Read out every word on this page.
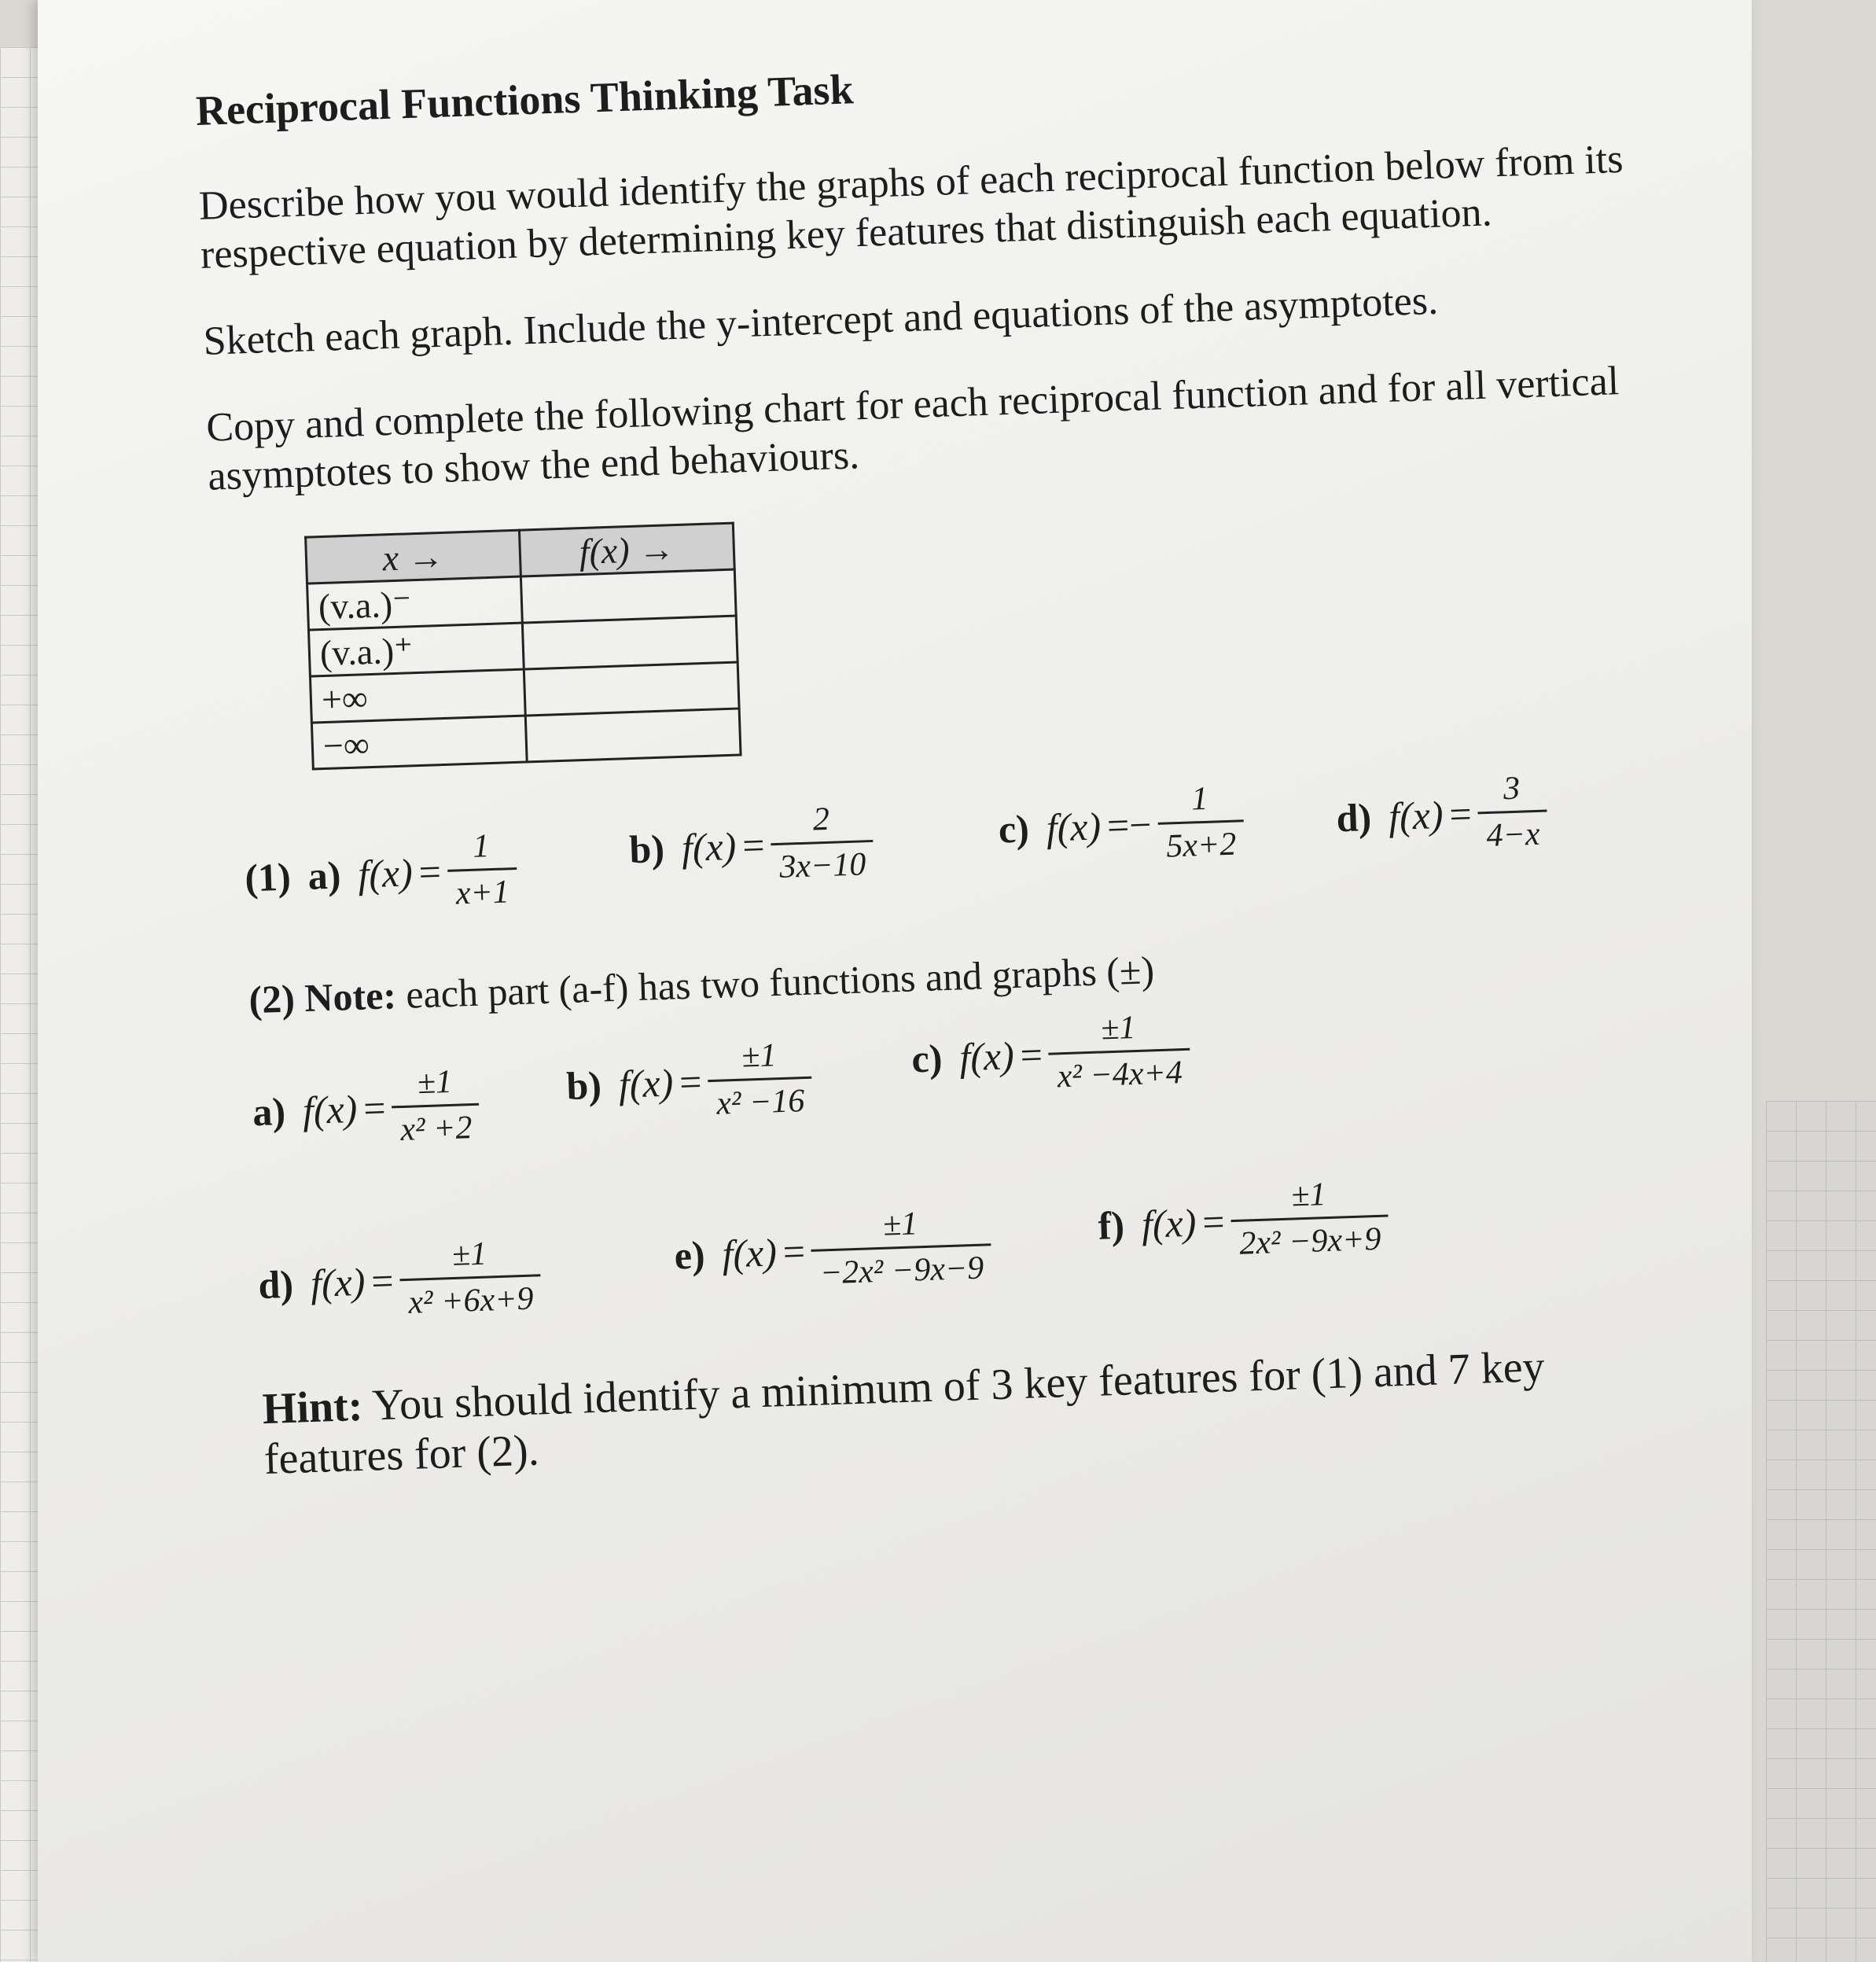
Reciprocal Functions Thinking Task

Describe how you would identify the graphs of each reciprocal function below from its respective equation by determining key features that distinguish each equation.

Sketch each graph. Include the y-intercept and equations of the asymptotes.

Copy and complete the following chart for each reciprocal function and for all vertical asymptotes to show the end behaviours.

x →	f(x) →
(v.a.)⁻	
(v.a.)⁺	
+∞	
−∞	
(1) a) $f(x) = \frac{1}{x+1}$	b) $f(x) = \frac{2}{3x-10}$	c) $f(x) =- \frac{1}{5x+2} d$) $f(x) = \frac{3}{4-x}$
(2) Note: each part (a-f) has two functions and graphs (±)
a) $f(x) = \frac{\pm 1}{\text{x² +2}} b$) $f(x) = \frac{\pm 1}{\text{x² −16}} c$) $f(x) = \frac{\pm 1}{\text{x² −4x+4}}$
d) $f(x) = \frac{\pm 1}{\text{x² +6x+9}}$	e) $f(x) = \frac{\pm 1}{\text{−2x² −9x−9}}$	f) $f(x) = \frac{\pm 1}{\text{2x² −9x+9}}$
Hint: You should identify a minimum of 3 key features for (1) and 7 key features for (2).
